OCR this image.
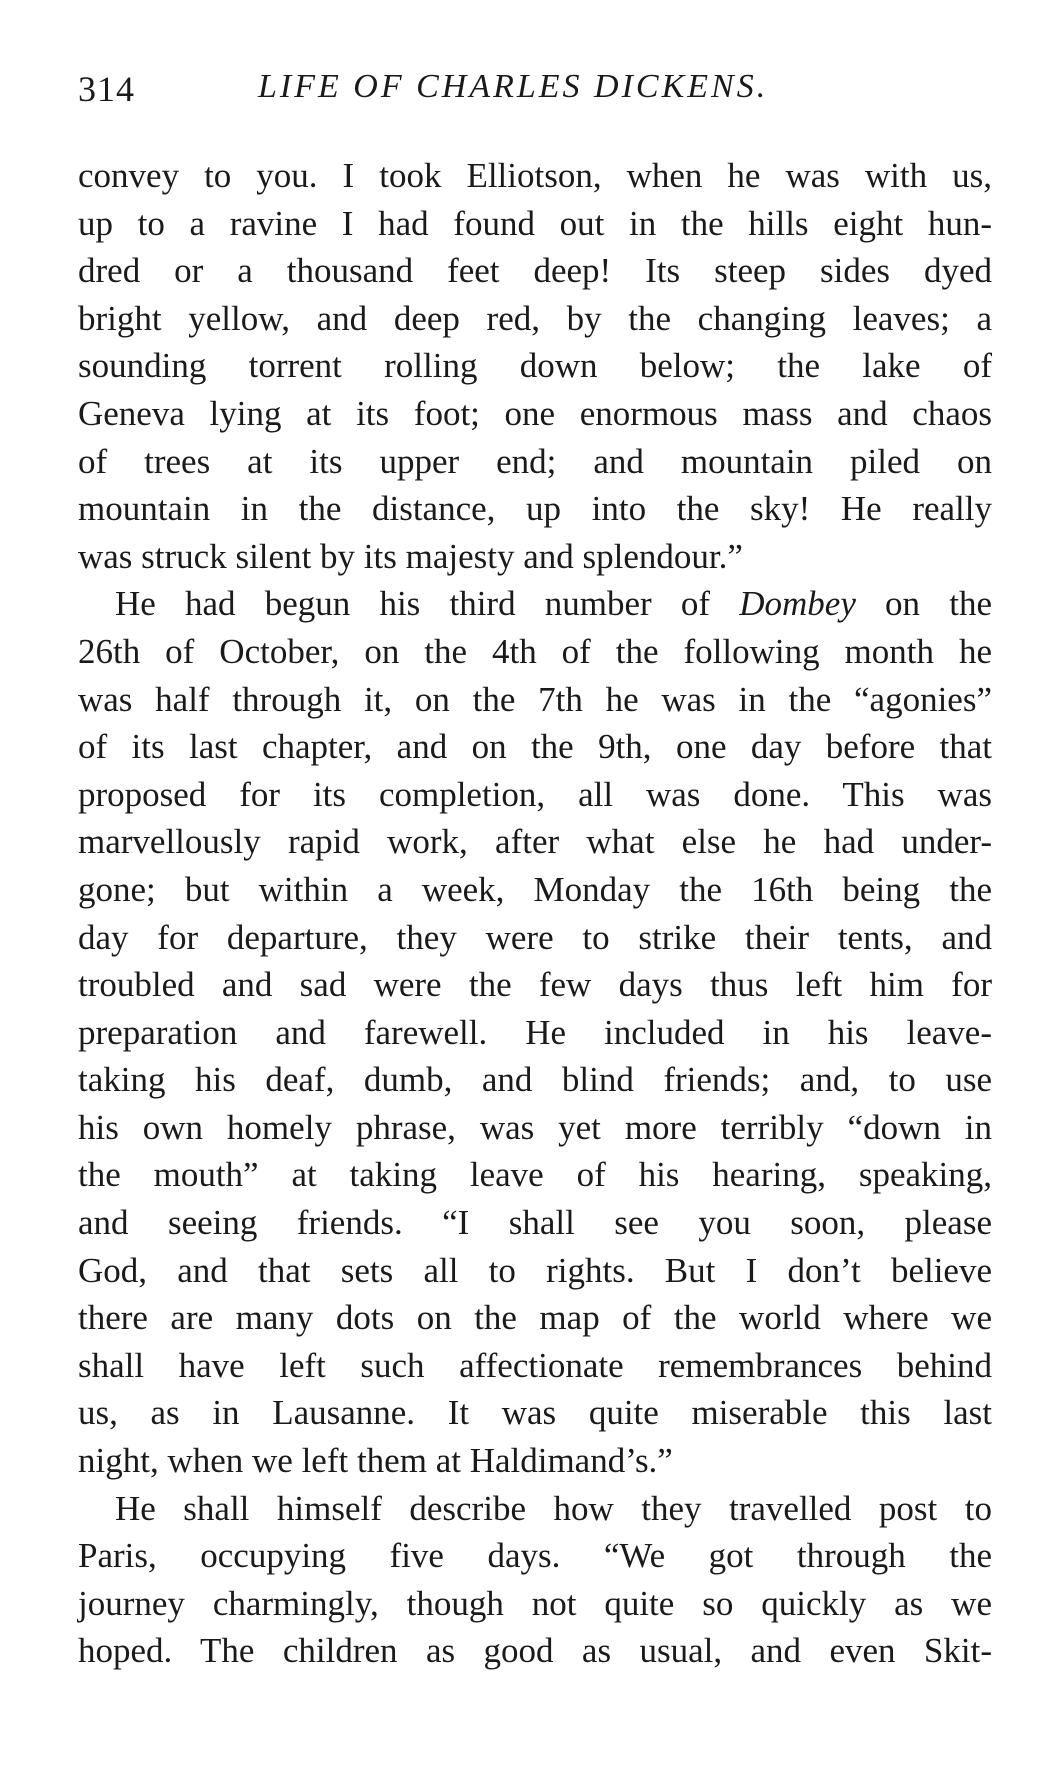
314	LIFE OF CHARLES DICKENS.
convey to you. I took Elliotson, when he was with us,
up to a ravine I had found out in the hills eight hun-
dred or a thousand feet deep! Its steep sides dyed
bright yellow, and deep red, by the changing leaves; a
sounding torrent rolling down below; the lake of
Geneva lying at its foot; one enormous mass and chaos
of trees at its upper end; and mountain piled on
mountain in the distance, up into the sky! He really
was struck silent by its majesty and splendour.”
He had begun his third number of Dombey on the
26th of October, on the 4th of the following month he
was half through it, on the 7th he was in the “agonies”
of its last chapter, and on the 9th, one day before that
proposed for its completion, all was done. This was
marvellously rapid work, after what else he had under-
gone; but within a week, Monday the 16th being the
day for departure, they were to strike their tents, and
troubled and sad were the few days thus left him for
preparation and farewell. He included in his leave-
taking his deaf, dumb, and blind friends; and, to use
his own homely phrase, was yet more terribly “down in
the mouth” at taking leave of his hearing, speaking,
and seeing friends. “I shall see you soon, please
God, and that sets all to rights. But I don’t believe
there are many dots on the map of the world where we
shall have left such affectionate remembrances behind
us, as in Lausanne. It was quite miserable this last
night, when we left them at Haldimand’s.”
He shall himself describe how they travelled post to
Paris, occupying five days. “We got through the
journey charmingly, though not quite so quickly as we
hoped. The children as good as usual, and even Skit-
